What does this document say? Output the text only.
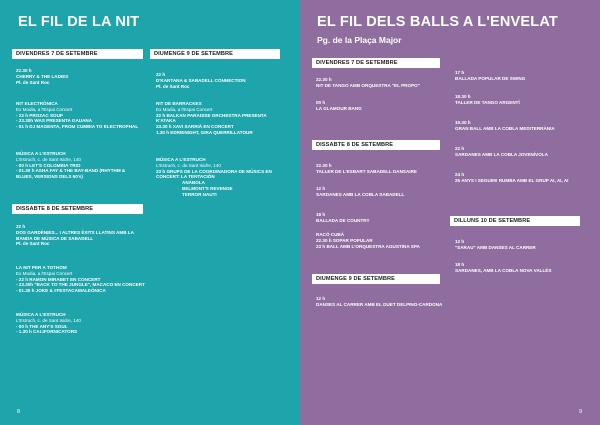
EL FIL DE LA NIT
DIVENDRES 7 DE SETEMBRE
22.30 h
CHERRY & THE LADIES
Pl. de Sant Roc
NIT ELECTRÒNICA
Ex Modia, a l'Espai Concert
- 22 h PROZAC SOUP
- 23.30h WAS PRESENTA GAUANA
- 01 h DJ MAGENTA, FROM CUMBIA TO ELECTROPHAL
MÚSICA A L'ESTRUCH
L'Estruch, c. de Sant Isidre, 140
- 00 h LET'S COLOMBIA TRIO
- 01.30 h ASHA FAY & THE BAY-BAND (RHYTHM &
BLUES, VERSIONS DELS 60's)
DISSABTE 8 DE SETEMBRE
22 h
DOS GARDÈNIES... I ALTRES ÈXITS LLATINS AMB LA
BANDA DE MÚSICA DE SABADELL
Pl. de Sant Roc
LA NIT PER A TOTHOM
Ex Modia, a l'Espai Concert
- 22 h RAMON MIRABET EN CONCERT
- 23.30h "BACK TO THE JUNGLE", MACACO EN CONCERT
- 01.30 h JOKE & #FESTACAMALEÒNICA
MÚSICA A L'ESTRUCH
L'Estruch, c. de Sant Isidre, 140
- 00 h THE ANY'S SOUL
- 1.30 h CALIFORNICATORS
DIUMENGE 9 DE SETEMBRE
22 h
D'KANTANA & SABADELL CONNECTION
Pl. de Sant Roc
NIT DE BARRACKES
Ex Modia, a l'Espai Concert
22 h BALKAN PARADISE ORCHESTRA PRESENTA
K'ATAKA
23.30 h XAVI SARRIÀ EN CONCERT
1.30 h EDRIENIGHT, GIRA QUERRILLATOUR
MÚSICA A L'ESTRUCH
L'Estruch, c. de Sant Isidre, 140
23 h GRUPS DE LA COORDINADORA DE MÚSICS EN
CONCERT: LA TENTACIÓN
ANÀBOLA
BELMONT'S REVENGE
TERROR NAUTI
8
EL FIL DELS BALLS A L'ENVELAT
Pg. de la Plaça Major
DIVENDRES 7 DE SETEMBRE
22.30 h
NIT DE TANGO AMB ORQUESTRA "EL PROPO"
00 h
LA GLAMOUR BAND
DISSABTE 8 DE SETEMBRE
22.30 h
TALLER DE L'ESBART SABADELL DANSAIRE
12 h
SARDANES AMB LA COBLA SABADELL
18 h
BALLADA DE COUNTRY
RACÓ CUBÀ
22.30 h SOPAR POPULAR
23 h BALL AMB L'ORQUESTRA AGUSTINA SPA
DIUMENGE 9 DE SETEMBRE
12 h
DANSES AL CARRER AMB EL DUET DELPINO-CARDONA
17 h
BALLADA POPULAR DE SWING
18.30 h
TALLER DE TANGO ARGENTÍ
19.30 h
GRAN BALL AMB LA COBLA MEDITERRÀNIA
22 h
SARDANES AMB LA COBLA JOVENÍVOLA
24 h
25 ANYS I SEGUIM! RUMBA AMB EL GRUP AI, AI, AI
DILLUNS 10 DE SETEMBRE
12 h
"SARAU" AMB DANSES AL CARRER
18 h
SARDANES, AMB LA COBLA NOVA VALLÈS
9
